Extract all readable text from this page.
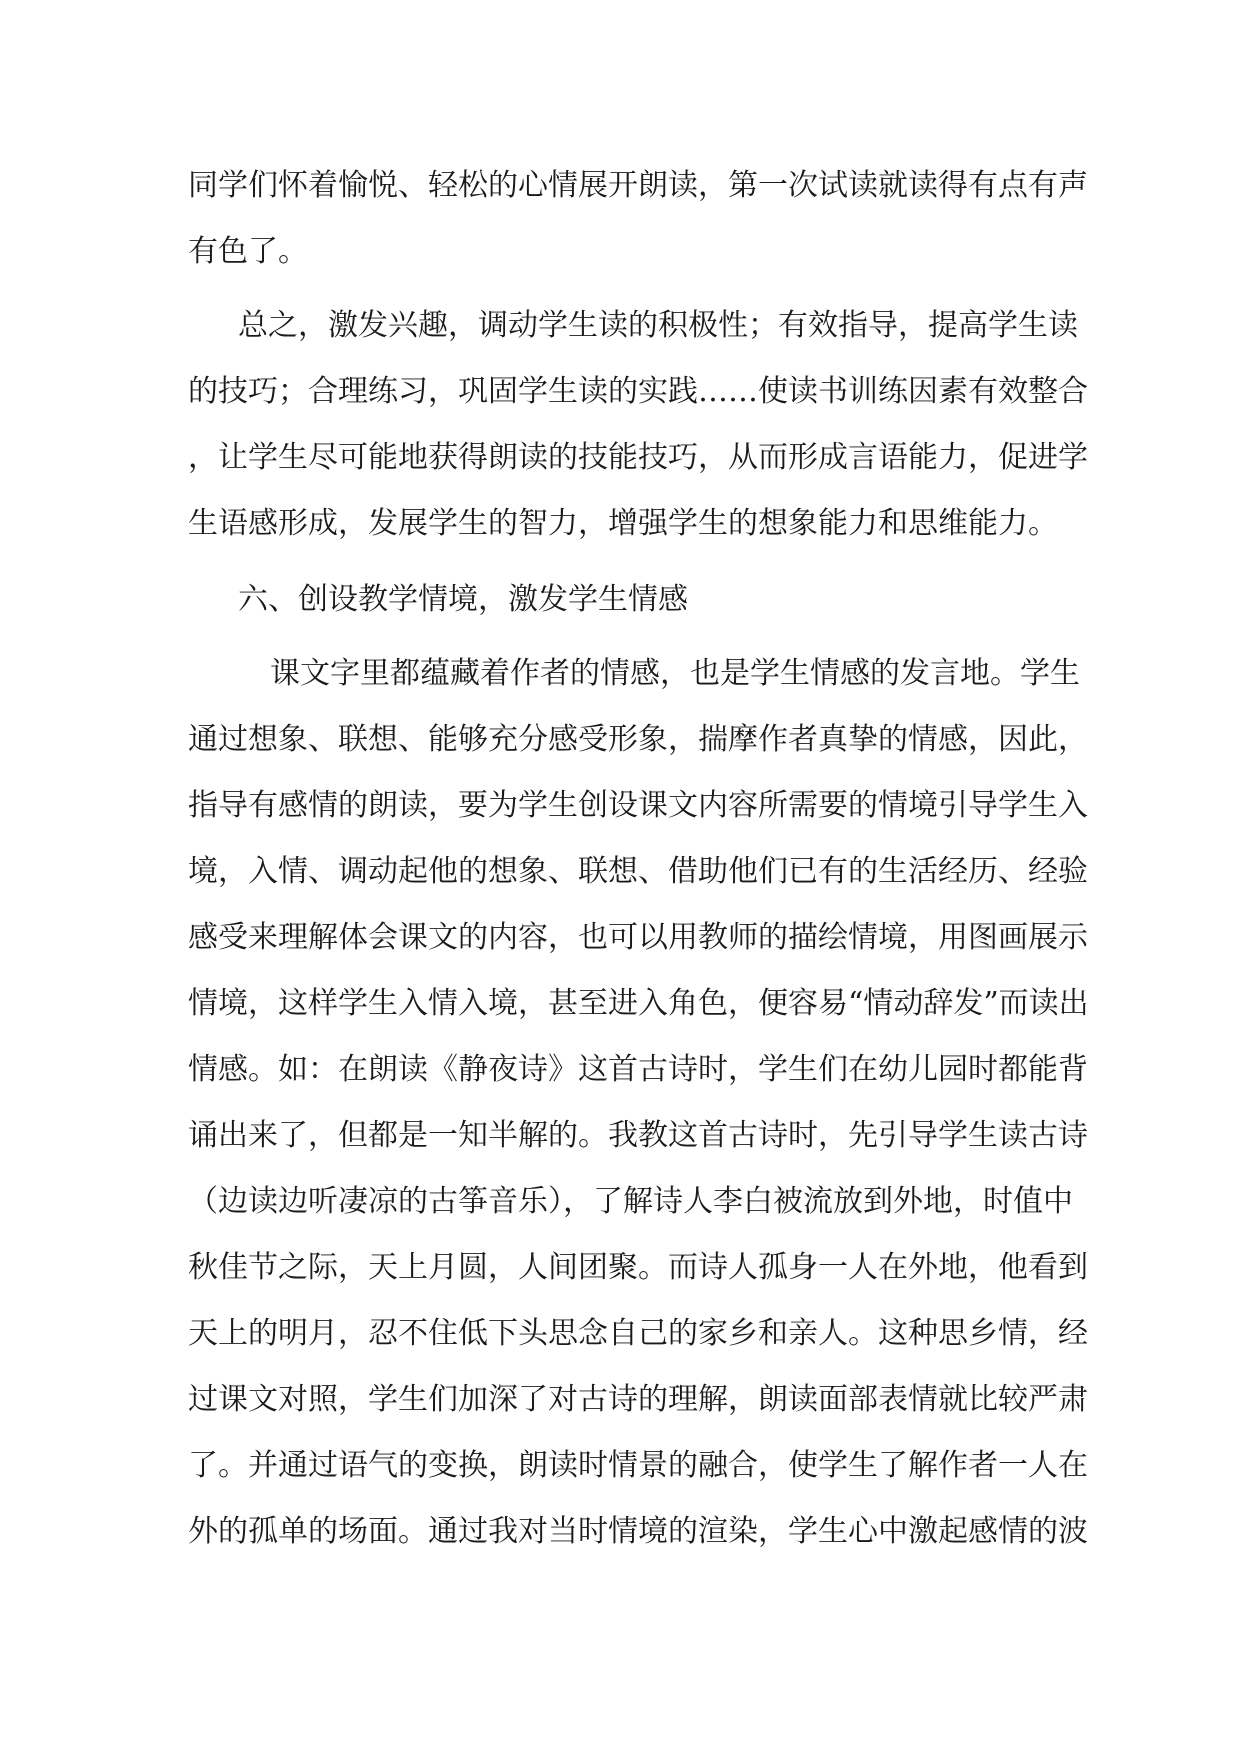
同学们怀着愉悦、轻松的心情展开朗读，第一次试读就读得有点有声
有色了。
总之，激发兴趣，调动学生读的积极性；有效指导，提高学生读
的技巧；合理练习，巩固学生读的实践……使读书训练因素有效整合
，让学生尽可能地获得朗读的技能技巧，从而形成言语能力，促进学
生语感形成，发展学生的智力，增强学生的想象能力和思维能力。
六、创设教学情境，激发学生情感
课文字里都蕴藏着作者的情感，也是学生情感的发言地。学生
通过想象、联想、能够充分感受形象，揣摩作者真挚的情感，因此，
指导有感情的朗读，要为学生创设课文内容所需要的情境引导学生入
境，入情、调动起他的想象、联想、借助他们已有的生活经历、经验
感受来理解体会课文的内容，也可以用教师的描绘情境，用图画展示
情境，这样学生入情入境，甚至进入角色，便容易“情动辞发”而读出
情感。如：在朗读《静夜诗》这首古诗时，学生们在幼儿园时都能背
诵出来了，但都是一知半解的。我教这首古诗时，先引导学生读古诗
（边读边听凄凉的古筝音乐），了解诗人李白被流放到外地，时值中
秋佳节之际，天上月圆，人间团聚。而诗人孤身一人在外地，他看到
天上的明月，忍不住低下头思念自己的家乡和亲人。这种思乡情，经
过课文对照，学生们加深了对古诗的理解，朗读面部表情就比较严肃
了。并通过语气的变换，朗读时情景的融合，使学生了解作者一人在
外的孤单的场面。通过我对当时情境的渲染，学生心中激起感情的波
